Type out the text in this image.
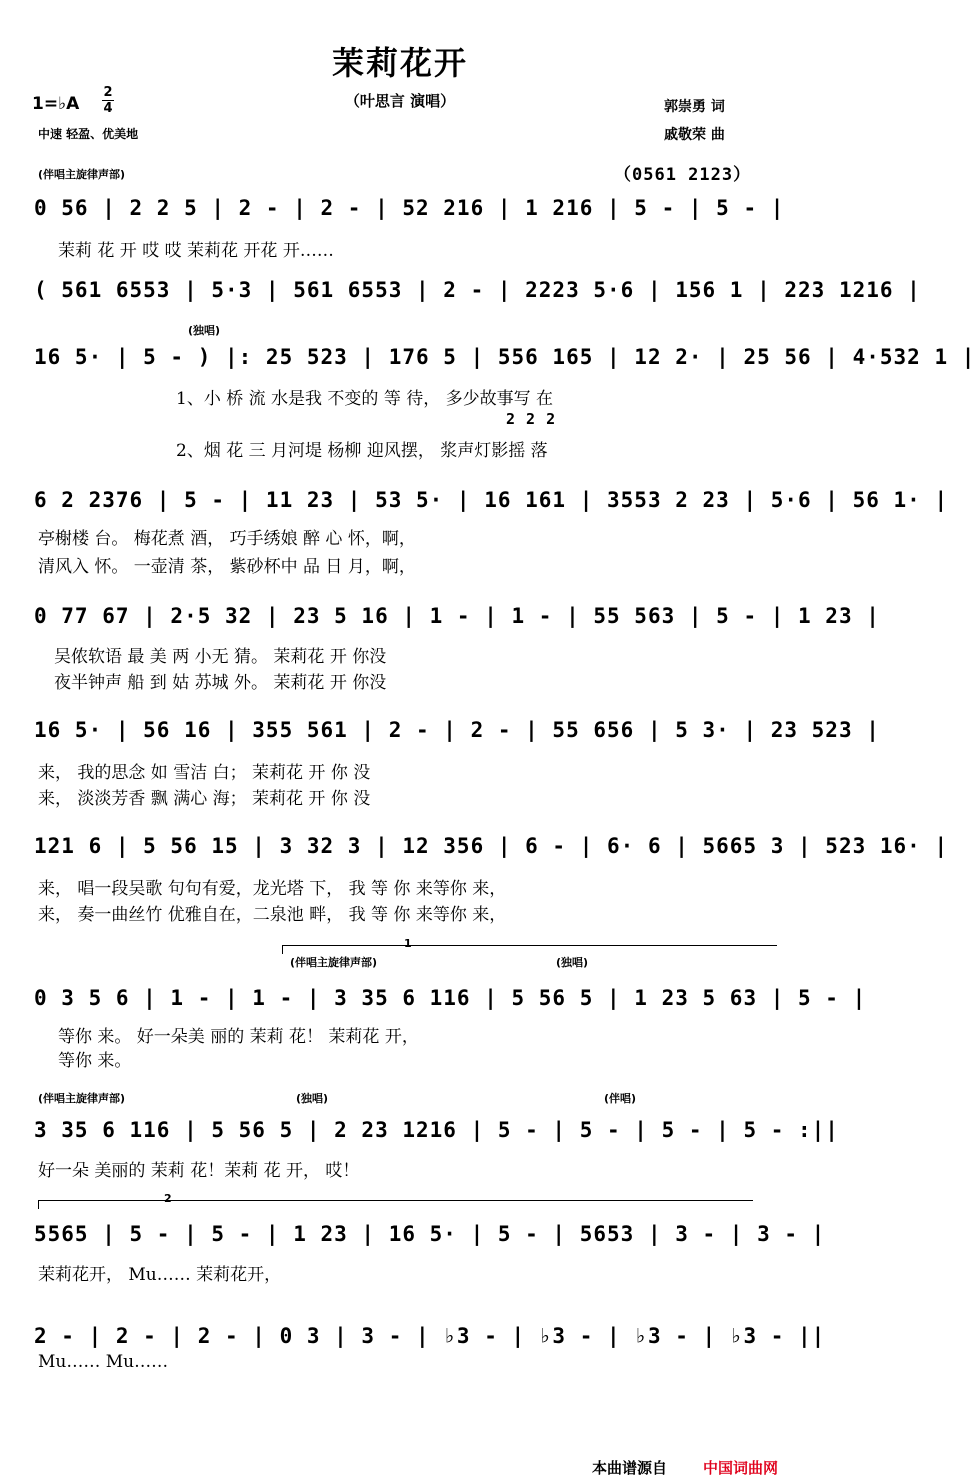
茉莉花开
（叶思言 演唱）
1=♭A
2
4
中速 轻盈、优美地
郭崇勇 词
戚敬荣 曲
(伴唱主旋律声部)	（0561 2123）
0 56 | 2 2 5 | 2 - | 2 - | 52 216 | 1 216 | 5 - | 5 - |
茉莉 花 开 哎 哎 茉莉花 开花 开……
( 561 6553 | 5·3 | 561 6553 | 2 - | 2223 5·6 | 156 1 | 223 1216 |
(独唱)
16 5· | 5 - ) |: 25 523 | 176 5 | 556 165 | 12 2· | 25 56 | 4·532 1 |
1、小 桥 流 水是我 不变的 等 待， 多少故事写 在
2 2 2
2、烟 花 三 月河堤 杨柳 迎风摆， 浆声灯影摇 落
6 2 2376 | 5 - | 11 23 | 53 5· | 16 161 | 3553 2 23 | 5·6 | 56 1· |
亭榭楼 台。 梅花煮 酒， 巧手绣娘 醉 心 怀，啊，
清风入 怀。 一壶清 茶， 紫砂杯中 品 日 月，啊，
0 77 67 | 2·5 32 | 23 5 16 | 1 - | 1 - | 55 563 | 5 - | 1 23 |
吴侬软语 最 美 两 小无 猜。 茉莉花 开 你没
夜半钟声 船 到 姑 苏城 外。 茉莉花 开 你没
16 5· | 56 16 | 355 561 | 2 - | 2 - | 55 656 | 5 3· | 23 523 |
来， 我的思念 如 雪洁 白； 茉莉花 开 你 没
来， 淡淡芳香 飘 满心 海； 茉莉花 开 你 没
121 6 | 5 56 15 | 3 32 3 | 12 356 | 6 - | 6· 6 | 5665 3 | 523 16· |
来， 唱一段吴歌 句句有爱，龙光塔 下， 我 等 你 来等你 来，
来， 奏一曲丝竹 优雅自在，二泉池 畔， 我 等 你 来等你 来，
1
(伴唱主旋律声部)	(独唱)
0 3 5 6 | 1 - | 1 - | 3 35 6 116 | 5 56 5 | 1 23 5 63 | 5 - |
等你 来。 好一朵美 丽的 茉莉 花！ 茉莉花 开，
等你 来。
(伴唱主旋律声部)	(独唱)	(伴唱)
3 35 6 116 | 5 56 5 | 2 23 1216 | 5 - | 5 - | 5 - | 5 - :||
好一朵 美丽的 茉莉 花！茉莉 花 开， 哎！
2
5565 | 5 - | 5 - | 1 23 | 16 5· | 5 - | 5653 | 3 - | 3 - |
茉莉花开， Mu…… 茉莉花开，
2 - | 2 - | 2 - | 0 3 | 3 - | ♭3 - | ♭3 - | ♭3 - | ♭3 - ||
Mu…… Mu……
本曲谱源自 中国词曲网
